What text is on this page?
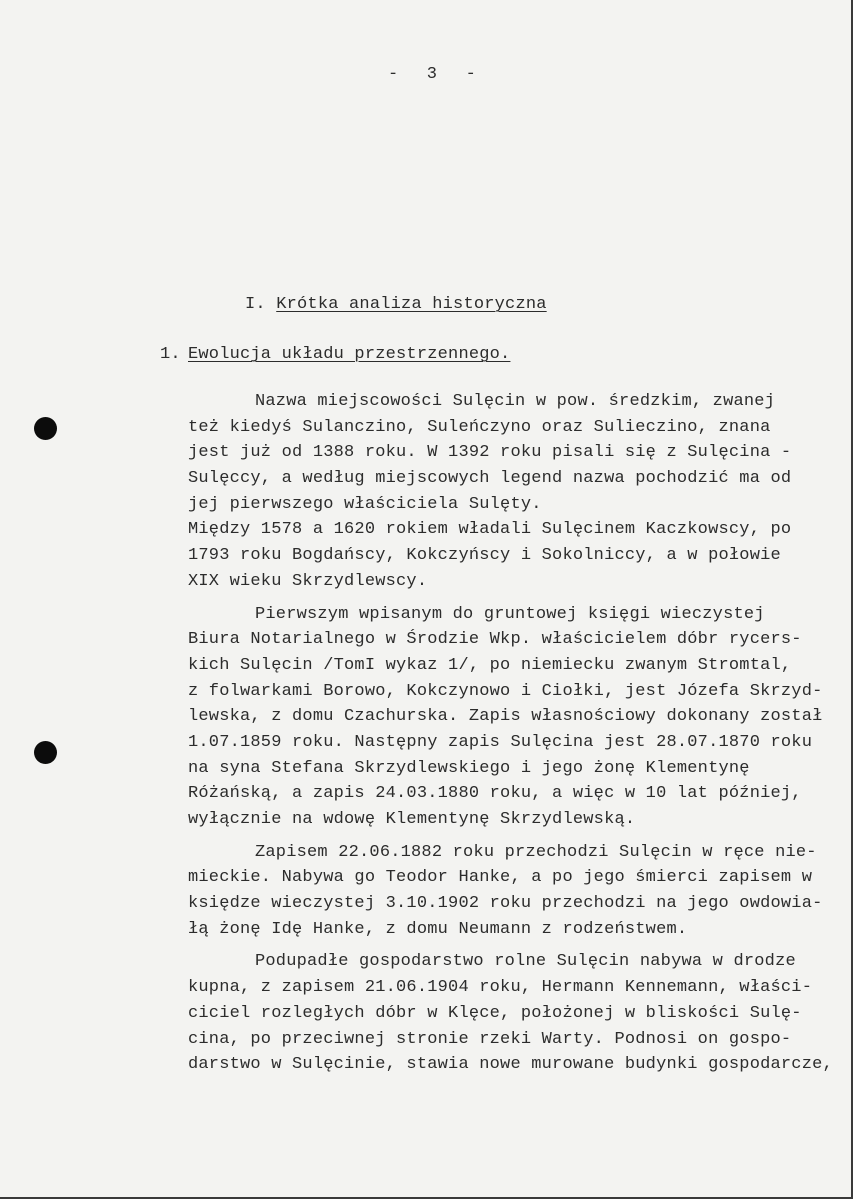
- 3 -
I. Krótka analiza historyczna
1. Ewolucja układu przestrzennego.
Nazwa miejscowości Sulęcin w pow. średzkim, zwanej
też kiedyś Sulanczino, Suleńczyno oraz Sulieczino, znana
jest już od 1388 roku. W 1392 roku pisali się z Sulęcina -
Sulęccy, a według miejscowych legend nazwa pochodzić ma od
jej pierwszego właściciela Sulęty.
Między 1578 a 1620 rokiem władali Sulęcinem Kaczkowscy, po
1793 roku Bogdańscy, Kokczyńscy i Sokolniccy, a w połowie
XIX wieku Skrzydlewscy.
Pierwszym wpisanym do gruntowej księgi wieczystej
Biura Notarialnego w Środzie Wkp. właścicielem dóbr rycers-
kich Sulęcin /TomI wykaz 1/, po niemiecku zwanym Stromtal,
z folwarkami Borowo, Kokczynowo i Ciołki, jest Józefa Skrzyd-
lewska, z domu Czachurska. Zapis własnościowy dokonany został
1.07.1859 roku. Następny zapis Sulęcina jest 28.07.1870 roku
na syna Stefana Skrzydlewskiego i jego żonę Klementynę
Różańską, a zapis 24.03.1880 roku, a więc w 10 lat później,
wyłącznie na wdowę Klementynę Skrzydlewską.
Zapisem 22.06.1882 roku przechodzi Sulęcin w ręce nie-
mieckie. Nabywa go Teodor Hanke, a po jego śmierci zapisem w
księdze wieczystej 3.10.1902 roku przechodzi na jego owdowia-
łą żonę Idę Hanke, z domu Neumann z rodzeństwem.
Podupadłe gospodarstwo rolne Sulęcin nabywa w drodze
kupna, z zapisem 21.06.1904 roku, Hermann Kennemann, właści-
ciciel rozległych dóbr w Klęce, położonej w bliskości Sulę-
cina, po przeciwnej stronie rzeki Warty. Podnosi on gospo-
darstwo w Sulęcinie, stawia nowe murowane budynki gospodarcze,
